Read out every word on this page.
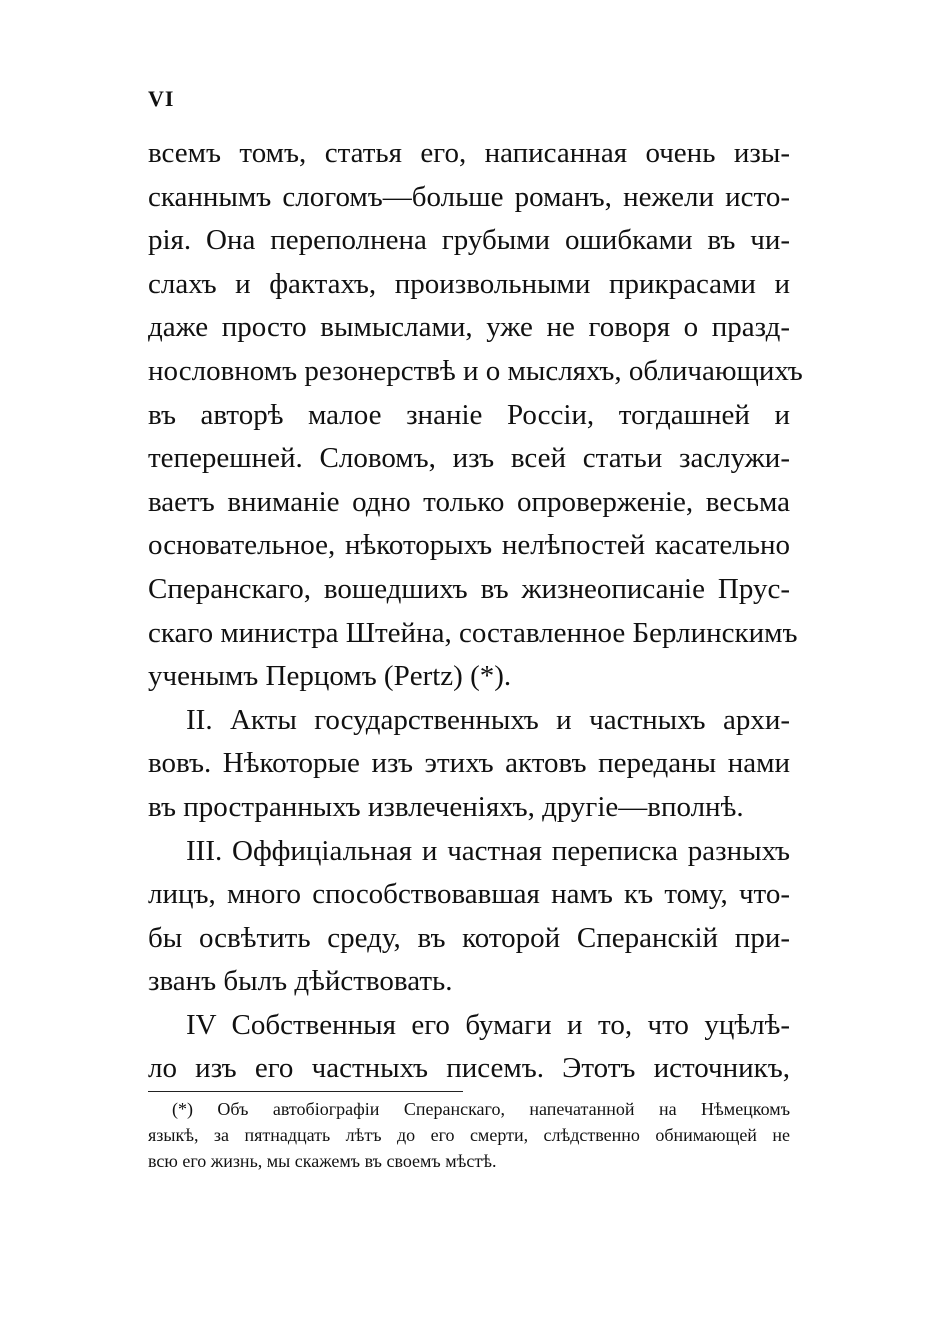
VI
всемъ томъ, статья его, написанная очень изы-
сканнымъ слогомъ—больше романъ, нежели исто-
рія. Она переполнена грубыми ошибками въ чи-
слахъ и фактахъ, произвольными прикрасами и
даже просто вымыслами, уже не говоря о празд-
нословномъ резонерствѣ и о мысляхъ, обличающихъ
въ авторѣ малое знаніе Россіи, тогдашней и
теперешней. Словомъ, изъ всей статьи заслужи-
ваетъ вниманіе одно только опроверженіе, весьма
основательное, нѣкоторыхъ нелѣпостей касательно
Сперанскаго, вошедшихъ въ жизнеописаніе Прус-
скаго министра Штейна, составленное Берлинскимъ
ученымъ Перцомъ (Pertz) (*).
II. Акты государственныхъ и частныхъ архи-
вовъ. Нѣкоторые изъ этихъ актовъ переданы нами
въ пространныхъ извлеченіяхъ, другіе—вполнѣ.
III. Оффиціальная и частная переписка разныхъ
лицъ, много способствовавшая намъ къ тому, что-
бы освѣтить среду, въ которой Сперанскій при-
званъ былъ дѣйствовать.
IV Собственныя его бумаги и то, что уцѣлѣ-
ло изъ его частныхъ писемъ. Этотъ источникъ,
(*) Объ автобіографіи Сперанскаго, напечатанной на Нѣмецкомъ
языкѣ, за пятнадцать лѣтъ до его смерти, слѣдственно обнимающей не
всю его жизнь, мы скажемъ въ своемъ мѣстѣ.
